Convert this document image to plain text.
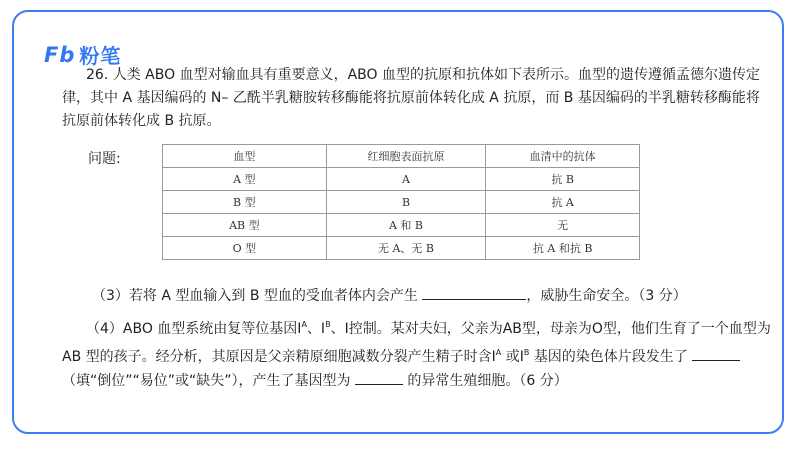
Fb 粉笔
26. 人类 ABO 血型对输血具有重要意义，ABO 血型的抗原和抗体如下表所示。血型的遗传遵循孟德尔遗传定律，其中 A 基因编码的 N– 乙酰半乳糖胺转移酶能将抗原前体转化成 A 抗原，而 B 基因编码的半乳糖转移酶能将抗原前体转化成 B 抗原。
问题:	血型	红细胞表面抗原	血清中的抗体
A 型	A	抗 B
B 型	B	抗 A
AB 型	A 和 B	无
O 型	无 A、无 B	抗 A 和抗 B
（3）若将 A 型血输入到 B 型血的受血者体内会产生	，威胁生命安全。（3 分）
（4）ABO 血型系统由复等位基因$I^A$、$I^B$、I控制。某对夫妇，父亲为AB型，母亲为O型，他们生育了一个血型为AB 型的孩子。经分析，其原因是父亲精原细胞减数分裂产生精子时含$I^A$ 或$I^B$ 基因的染色体片段发生了 （填“倒位”“易位”或“缺失”），产生了基因型为	的异常生殖细胞。（6 分）
